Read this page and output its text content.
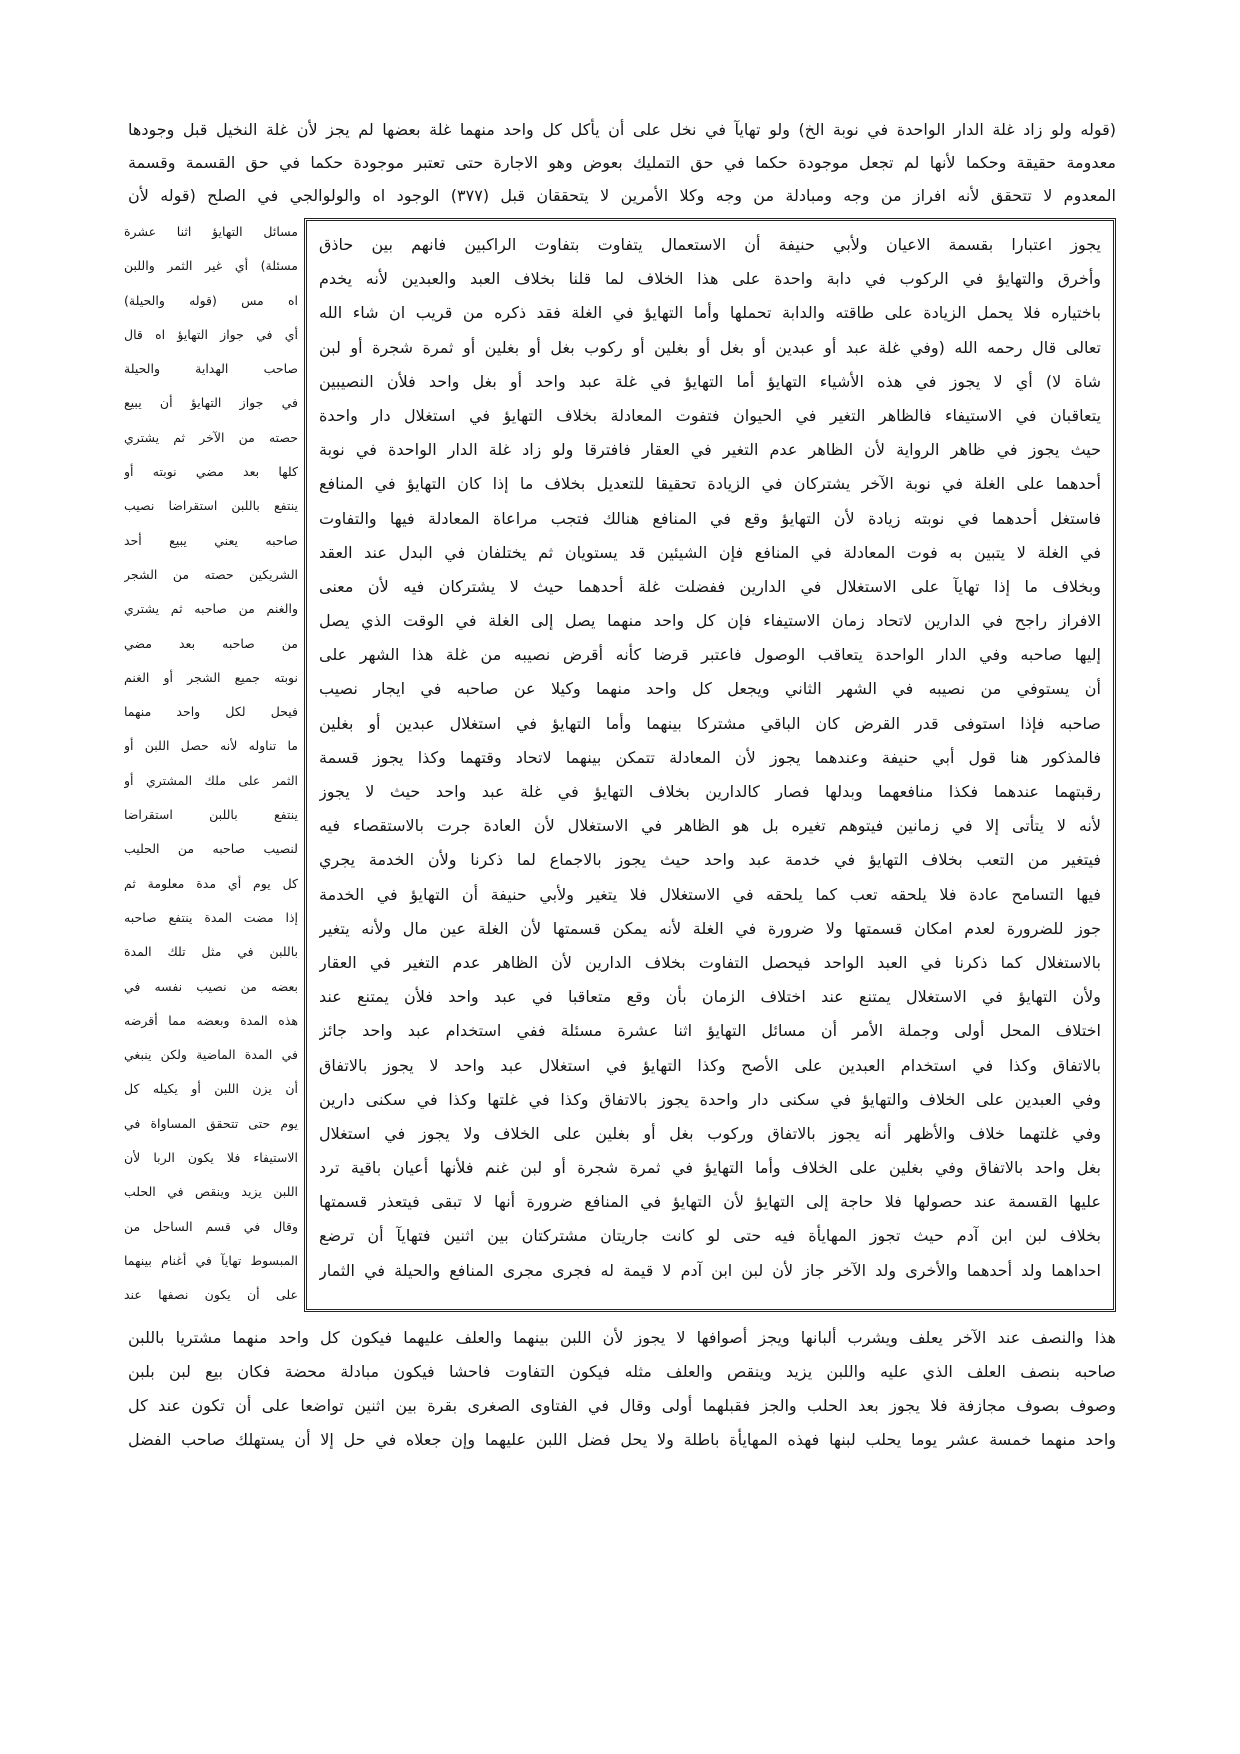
(قوله ولو زاد غلة الدار الواحدة في نوبة الخ) ولو تهايآ في نخل على أن يأكل كل واحد منهما غلة بعضها لم يجز لأن غلة النخيل قبل وجودها
معدومة حقيقة وحكما لأنها لم تجعل موجودة حكما في حق التمليك بعوض وهو الاجارة حتى تعتبر موجودة حكما في حق القسمة وقسمة
المعدوم لا تتحقق لأنه افراز من وجه ومبادلة من وجه وكلا الأمرين لا يتحققان قبل (٣٧٧) الوجود اه والولوالجي في الصلح (قوله لأن
يجوز اعتبارا بقسمة الاعيان ولأبي حنيفة أن الاستعمال يتفاوت بتفاوت الراكبين فانهم بين حاذق
وأخرق والتهايؤ في الركوب في دابة واحدة على هذا الخلاف لما قلنا بخلاف العبد والعبدين لأنه يخدم
باختياره فلا يحمل الزيادة على طاقته والدابة تحملها وأما التهايؤ في الغلة فقد ذكره من قريب ان شاء الله
تعالى قال رحمه الله (وفي غلة عبد أو عبدين أو بغل أو بغلين أو ركوب بغل أو بغلين أو ثمرة شجرة أو لبن
شاة لا) أي لا يجوز في هذه الأشياء التهايؤ أما التهايؤ في غلة عبد واحد أو بغل واحد فلأن النصيبين
يتعاقبان في الاستيفاء فالظاهر التغير في الحيوان فتفوت المعادلة بخلاف التهايؤ في استغلال دار واحدة
حيث يجوز في ظاهر الرواية لأن الظاهر عدم التغير في العقار فافترقا ولو زاد غلة الدار الواحدة في نوبة
أحدهما على الغلة في نوبة الآخر يشتركان في الزيادة تحقيقا للتعديل بخلاف ما إذا كان التهايؤ في المنافع
فاستغل أحدهما في نوبته زيادة لأن التهايؤ وقع في المنافع هنالك فتجب مراعاة المعادلة فيها والتفاوت
في الغلة لا يتبين به فوت المعادلة في المنافع فإن الشيئين قد يستويان ثم يختلفان في البدل عند العقد
وبخلاف ما إذا تهايآ على الاستغلال في الدارين ففضلت غلة أحدهما حيث لا يشتركان فيه لأن معنى
الافراز راجح في الدارين لاتحاد زمان الاستيفاء فإن كل واحد منهما يصل إلى الغلة في الوقت الذي يصل
إليها صاحبه وفي الدار الواحدة يتعاقب الوصول فاعتبر قرضا كأنه أقرض نصيبه من غلة هذا الشهر على
أن يستوفي من نصيبه في الشهر الثاني ويجعل كل واحد منهما وكيلا عن صاحبه في ايجار نصيب
صاحبه فإذا استوفى قدر القرض كان الباقي مشتركا بينهما وأما التهايؤ في استغلال عبدين أو بغلين
فالمذكور هنا قول أبي حنيفة وعندهما يجوز لأن المعادلة تتمكن بينهما لاتحاد وقتهما وكذا يجوز قسمة
رقبتهما عندهما فكذا منافعهما وبدلها فصار كالدارين بخلاف التهايؤ في غلة عبد واحد حيث لا يجوز
لأنه لا يتأتى إلا في زمانين فيتوهم تغيره بل هو الظاهر في الاستغلال لأن العادة جرت بالاستقصاء فيه
فيتغير من التعب بخلاف التهايؤ في خدمة عبد واحد حيث يجوز بالاجماع لما ذكرنا ولأن الخدمة يجري
فيها التسامح عادة فلا يلحقه تعب كما يلحقه في الاستغلال فلا يتغير ولأبي حنيفة أن التهايؤ في الخدمة
جوز للضرورة لعدم امكان قسمتها ولا ضرورة في الغلة لأنه يمكن قسمتها لأن الغلة عين مال ولأنه يتغير
بالاستغلال كما ذكرنا في العبد الواحد فيحصل التفاوت بخلاف الدارين لأن الظاهر عدم التغير في العقار
ولأن التهايؤ في الاستغلال يمتنع عند اختلاف الزمان بأن وقع متعاقبا في عبد واحد فلأن يمتنع عند
اختلاف المحل أولى وجملة الأمر أن مسائل التهايؤ اثنا عشرة مسئلة ففي استخدام عبد واحد جائز
بالاتفاق وكذا في استخدام العبدين على الأصح وكذا التهايؤ في استغلال عبد واحد لا يجوز بالاتفاق
وفي العبدين على الخلاف والتهايؤ في سكنى دار واحدة يجوز بالاتفاق وكذا في غلتها وكذا في سكنى دارين
وفي غلتهما خلاف والأظهر أنه يجوز بالاتفاق وركوب بغل أو بغلين على الخلاف ولا يجوز في استغلال
بغل واحد بالاتفاق وفي بغلين على الخلاف وأما التهايؤ في ثمرة شجرة أو لبن غنم فلأنها أعيان باقية ترد
عليها القسمة عند حصولها فلا حاجة إلى التهايؤ لأن التهايؤ في المنافع ضرورة أنها لا تبقى فيتعذر قسمتها
بخلاف لبن ابن آدم حيث تجوز المهايأة فيه حتى لو كانت جاريتان مشتركتان بين اثنين فتهايآ أن ترضع
احداهما ولد أحدهما والأخرى ولد الآخر جاز لأن لبن ابن آدم لا قيمة له فجرى مجرى المنافع والحيلة في الثمار
مسائل التهايؤ اثنا عشرة
مسئلة) أي غير الثمر واللبن
اه مس (قوله والحيلة)
أي في جواز التهايؤ اه قال
صاحب الهداية والحيلة
في جواز التهايؤ أن يبيع
حصته من الآخر ثم يشتري
كلها بعد مضي نوبته أو
ينتفع باللبن استقراضا نصيب
صاحبه يعني يبيع أحد
الشريكين حصته من الشجر
والغنم من صاحبه ثم يشتري
من صاحبه بعد مضي
نوبته جميع الشجر أو الغنم
فيحل لكل واحد منهما
ما تناوله لأنه حصل اللبن أو
الثمر على ملك المشتري أو
ينتفع باللبن استقراضا
لنصيب صاحبه من الحليب
كل يوم أي مدة معلومة ثم
إذا مضت المدة ينتفع صاحبه
باللبن في مثل تلك المدة
بعضه من نصيب نفسه في
هذه المدة وبعضه مما أقرضه
في المدة الماضية ولكن ينبغي
أن يزن اللبن أو يكيله كل
يوم حتى تتحقق المساواة في
الاستيفاء فلا يكون الربا لأن
اللبن يزيد وينقص في الحلب
وقال في قسم الساحل من
المبسوط تهايآ في أغنام بينهما
على أن يكون نصفها عند
هذا والنصف عند الآخر يعلف ويشرب ألبانها ويجز أصوافها لا يجوز لأن اللبن بينهما والعلف عليهما فيكون كل واحد منهما مشتريا باللبن
صاحبه بنصف العلف الذي عليه واللبن يزيد وينقص والعلف مثله فيكون التفاوت فاحشا فيكون مبادلة محضة فكان بيع لبن بلبن
وصوف بصوف مجازفة فلا يجوز بعد الحلب والجز فقبلهما أولى وقال في الفتاوى الصغرى بقرة بين اثنين تواضعا على أن تكون عند كل
واحد منهما خمسة عشر يوما يحلب لبنها فهذه المهايأة باطلة ولا يحل فضل اللبن عليهما وإن جعلاه في حل إلا أن يستهلك صاحب الفضل
